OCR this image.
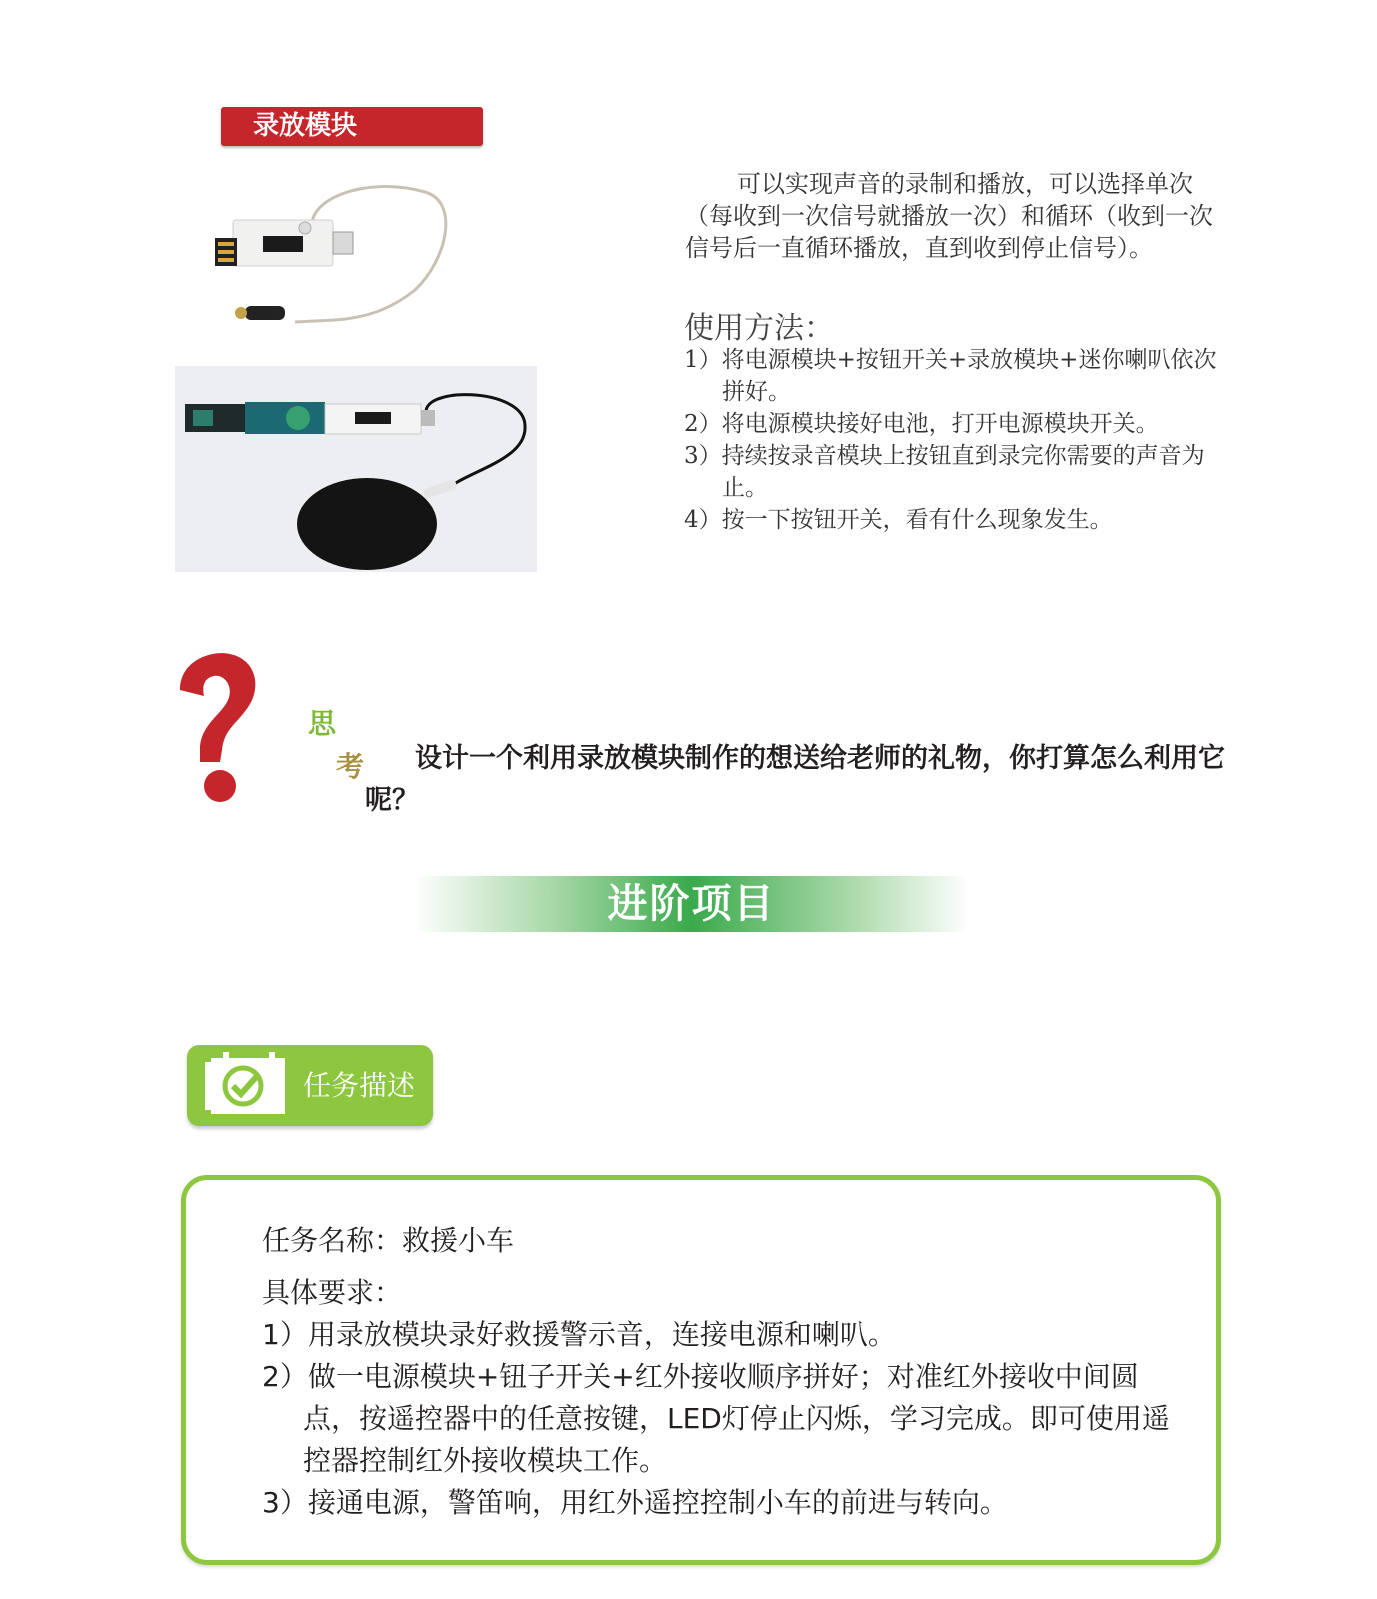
录放模块

可以实现声音的录制和播放，可以选择单次（每收到一次信号就播放一次）和循环（收到一次信号后一直循环播放，直到收到停止信号）。

使用方法：
1）将电源模块+按钮开关+录放模块+迷你喇叭依次拼好。
2）将电源模块接好电池，打开电源模块开关。
3）持续按录音模块上按钮直到录完你需要的声音为止。
4）按一下按钮开关，看有什么现象发生。
思
考	设计一个利用录放模块制作的想送给老师的礼物，你打算怎么利用它呢？

进阶项目
任务描述

任务名称：救援小车

具体要求：

1）用录放模块录好救援警示音，连接电源和喇叭。
2）做一电源模块+钮子开关+红外接收顺序拼好；对准红外接收中间圆点，按遥控器中的任意按键，LED灯停止闪烁，学习完成。即可使用遥控器控制红外接收模块工作。
3）接通电源，警笛响，用红外遥控控制小车的前进与转向。
